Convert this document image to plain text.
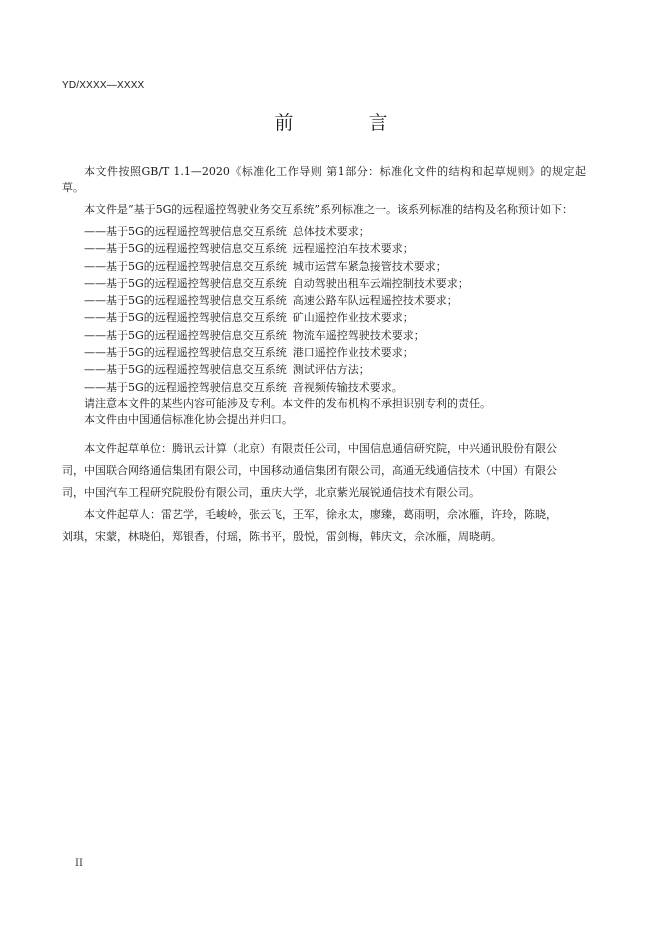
YD/XXXX—XXXX
前　言

本文件按照GB/T 1.1—2020《标准化工作导则 第1部分：标准化文件的结构和起草规则》的规定起草。

本文件是“基于5G的远程遥控驾驶业务交互系统”系列标准之一。该系列标准的结构及名称预计如下：

——基于5G的远程遥控驾驶信息交互系统 总体技术要求；
——基于5G的远程遥控驾驶信息交互系统 远程遥控泊车技术要求；
——基于5G的远程遥控驾驶信息交互系统 城市运营车紧急接管技术要求；
——基于5G的远程遥控驾驶信息交互系统 自动驾驶出租车云端控制技术要求；
——基于5G的远程遥控驾驶信息交互系统 高速公路车队远程遥控技术要求；
——基于5G的远程遥控驾驶信息交互系统 矿山遥控作业技术要求；
——基于5G的远程遥控驾驶信息交互系统 物流车遥控驾驶技术要求；
——基于5G的远程遥控驾驶信息交互系统 港口遥控作业技术要求；
——基于5G的远程遥控驾驶信息交互系统 测试评估方法；
——基于5G的远程遥控驾驶信息交互系统 音视频传输技术要求。

请注意本文件的某些内容可能涉及专利。本文件的发布机构不承担识别专利的责任。

本文件由中国通信标准化协会提出并归口。

本文件起草单位：腾讯云计算（北京）有限责任公司，中国信息通信研究院，中兴通讯股份有限公

司，中国联合网络通信集团有限公司，中国移动通信集团有限公司，高通无线通信技术（中国）有限公

司，中国汽车工程研究院股份有限公司，重庆大学，北京紫光展锐通信技术有限公司。

本文件起草人：雷艺学，毛峻岭，张云飞，王军，徐永太，廖臻，葛雨明，佘冰雁，许玲，陈晓，

刘琪，宋蒙，林晓伯，郑银香，付瑶，陈书平，殷悦，雷剑梅，韩庆文，佘冰雁，周晓萌。

II
